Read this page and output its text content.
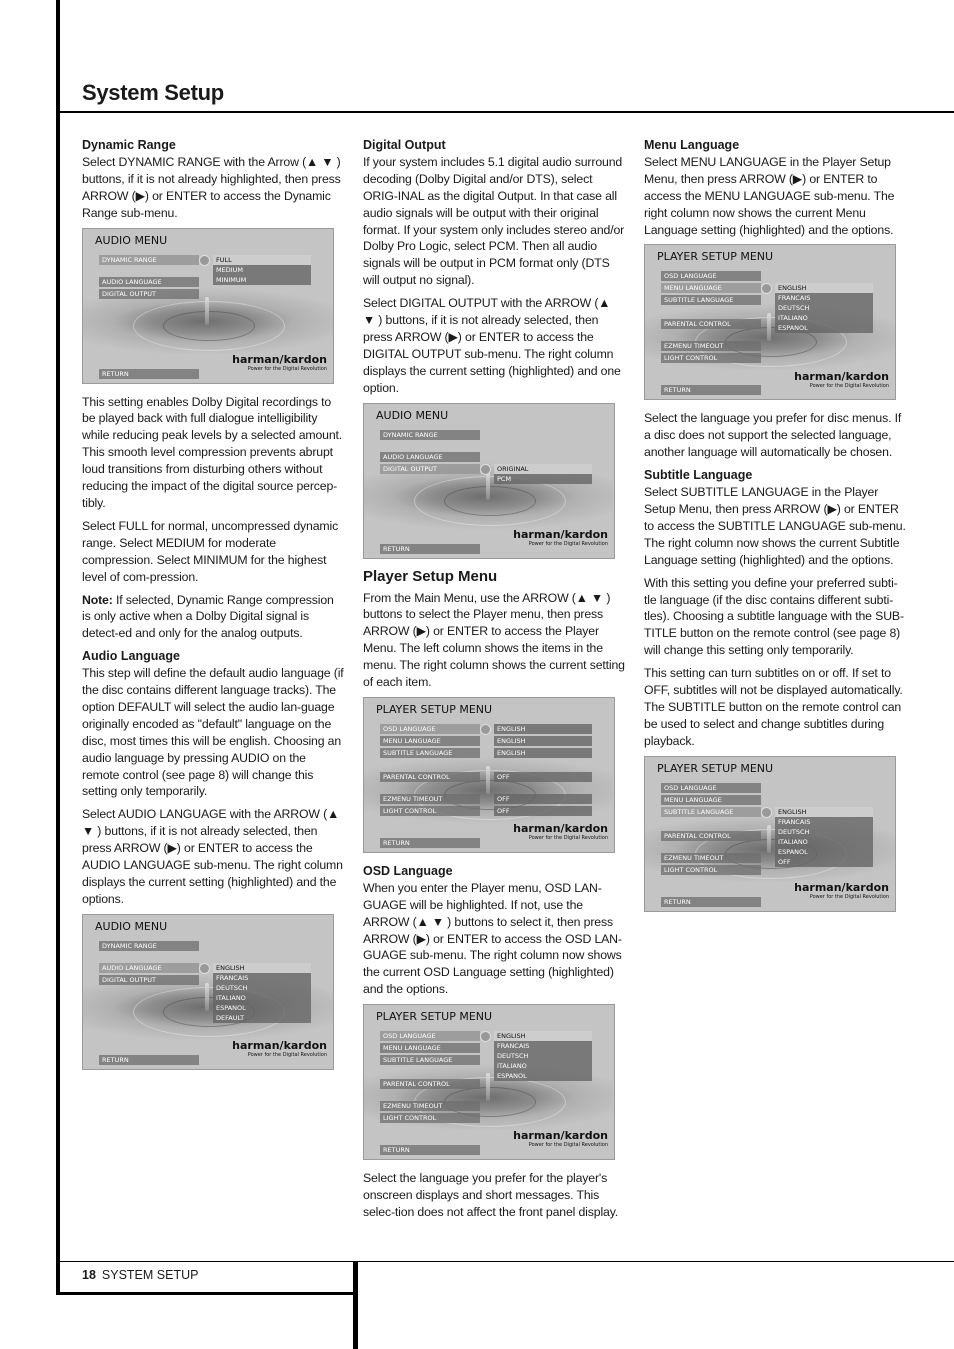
System Setup
Dynamic Range

Select DYNAMIC RANGE with the Arrow (▲ ▼ ) buttons, if it is not already highlighted, then press ARROW (▶) or ENTER to access the Dynamic Range sub-menu.

AUDIO MENU
DYNAMIC RANGE
AUDIO LANGUAGE
DIGITAL OUTPUT
FULL
MEDIUM
MINIMUM
harman/kardon
Power for the Digital Revolution
RETURN

This setting enables Dolby Digital recordings to be played back with full dialogue intelligibility while reducing peak levels by a selected amount. This smooth level compression prevents abrupt loud transitions from disturbing others without reducing the impact of the digital source percep-tibly.

Select FULL for normal, uncompressed dynamic range. Select MEDIUM for moderate compression. Select MINIMUM for the highest level of com-pression.

Note: If selected, Dynamic Range compression is only active when a Dolby Digital signal is detect-ed and only for the analog outputs.

Audio Language

This step will define the default audio language (if the disc contains different language tracks). The option DEFAULT will select the audio lan-guage originally encoded as "default" language on the disc, most times this will be english. Choosing an audio language by pressing AUDIO on the remote control (see page 8) will change this setting only temporarily.

Select AUDIO LANGUAGE with the ARROW (▲ ▼ ) buttons, if it is not already selected, then press ARROW (▶) or ENTER to access the AUDIO LANGUAGE sub-menu. The right column displays the current setting (highlighted) and the options.

AUDIO MENU
DYNAMIC RANGE
AUDIO LANGUAGE
DIGITAL OUTPUT
ENGLISH
FRANCAIS
DEUTSCH
ITALIANO
ESPANOL
DEFAULT
harman/kardon
Power for the Digital Revolution
RETURN
Digital Output

If your system includes 5.1 digital audio surround decoding (Dolby Digital and/or DTS), select ORIG-INAL as the digital Output. In that case all audio signals will be output with their original format. If your system only includes stereo and/or Dolby Pro Logic, select PCM. Then all audio signals will be output in PCM format only (DTS will output no signal).

Select DIGITAL OUTPUT with the ARROW (▲ ▼ ) buttons, if it is not already selected, then press ARROW (▶) or ENTER to access the DIGITAL OUTPUT sub-menu. The right column displays the current setting (highlighted) and one option.

AUDIO MENU
DYNAMIC RANGE
AUDIO LANGUAGE
DIGITAL OUTPUT	ORIGINAL
PCM
harman/kardon
Power for the Digital Revolution
RETURN
Player Setup Menu

From the Main Menu, use the ARROW (▲ ▼ ) buttons to select the Player menu, then press ARROW (▶) or ENTER to access the Player Menu. The left column shows the items in the menu. The right column shows the current setting of each item.

PLAYER SETUP MENU
OSD LANGUAGE
MENU LANGUAGE
SUBTITLE LANGUAGE
PARENTAL CONTROL
EZMENU TIMEOUT
LIGHT CONTROL
ENGLISH
ENGLISH
ENGLISH
OFF
OFF
OFF
harman/kardon
Power for the Digital Revolution
RETURN
OSD Language

When you enter the Player menu, OSD LAN-GUAGE will be highlighted. If not, use the ARROW (▲ ▼ ) buttons to select it, then press ARROW (▶) or ENTER to access the OSD LAN-GUAGE sub-menu. The right column now shows the current OSD Language setting (highlighted) and the options.

PLAYER SETUP MENU
OSD LANGUAGE
MENU LANGUAGE
SUBTITLE LANGUAGE
PARENTAL CONTROL
EZMENU TIMEOUT
LIGHT CONTROL
ENGLISH
FRANCAIS
DEUTSCH
ITALIANO
ESPANOL
harman/kardon
Power for the Digital Revolution
RETURN

Select the language you prefer for the player's onscreen displays and short messages. This selec-tion does not affect the front panel display.

Menu Language

Select MENU LANGUAGE in the Player Setup Menu, then press ARROW (▶) or ENTER to access the MENU LANGUAGE sub-menu. The right column now shows the current Menu Language setting (highlighted) and the options.

PLAYER SETUP MENU
OSD LANGUAGE
MENU LANGUAGE
SUBTITLE LANGUAGE
PARENTAL CONTROL
EZMENU TIMEOUT
LIGHT CONTROL
ENGLISH
FRANCAIS
DEUTSCH
ITALIANO
ESPANOL
harman/kardon
Power for the Digital Revolution
RETURN

Select the language you prefer for disc menus. If a disc does not support the selected language, another language will automatically be chosen.

Subtitle Language

Select SUBTITLE LANGUAGE in the Player Setup Menu, then press ARROW (▶) or ENTER to access the SUBTITLE LANGUAGE sub-menu. The right column now shows the current Subtitle Language setting (highlighted) and the options.

With this setting you define your preferred subti-tle language (if the disc contains different subti-tles). Choosing a subtitle language with the SUB-TITLE button on the remote control (see page 8) will change this setting only temporarily.

This setting can turn subtitles on or off. If set to OFF, subtitles will not be displayed automatically. The SUBTITLE button on the remote control can be used to select and change subtitles during playback.

PLAYER SETUP MENU
OSD LANGUAGE
MENU LANGUAGE
SUBTITLE LANGUAGE
PARENTAL CONTROL
EZMENU TIMEOUT
LIGHT CONTROL
ENGLISH
FRANCAIS
DEUTSCH
ITALIANO
ESPANOL
OFF
harman/kardon
Power for the Digital Revolution
RETURN
18 SYSTEM SETUP
